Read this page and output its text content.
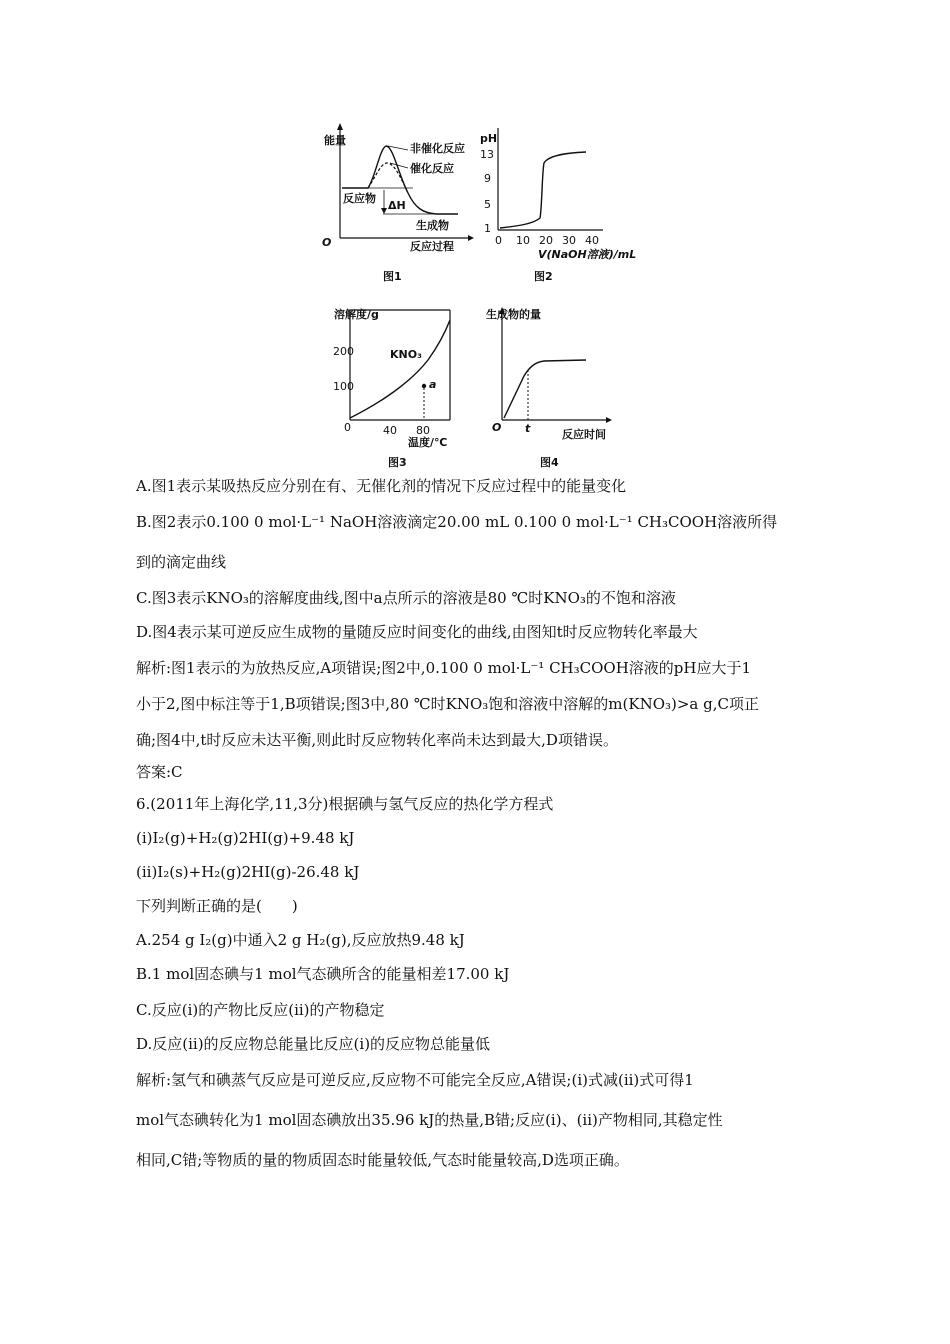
能量
非催化反应
催化反应
反应物
ΔH
生成物
O	反应过程
图1
pH
1
5
9
13
0 10 20 30 40
V(NaOH溶液)/mL
图2
溶解度/g
200
100
0	40 80
KNO₃
a
温度/℃
图3
生成物的量
O t	反应时间
图4
A.图1表示某吸热反应分别在有、无催化剂的情况下反应过程中的能量变化
B.图2表示0.100 0 mol·L⁻¹ NaOH溶液滴定20.00 mL 0.100 0 mol·L⁻¹ CH₃COOH溶液所得
到的滴定曲线
C.图3表示KNO₃的溶解度曲线,图中a点所示的溶液是80 ℃时KNO₃的不饱和溶液
D.图4表示某可逆反应生成物的量随反应时间变化的曲线,由图知t时反应物转化率最大
解析:图1表示的为放热反应,A项错误;图2中,0.100 0 mol·L⁻¹ CH₃COOH溶液的pH应大于1
小于2,图中标注等于1,B项错误;图3中,80 ℃时KNO₃饱和溶液中溶解的m(KNO₃)>a g,C项正
确;图4中,t时反应未达平衡,则此时反应物转化率尚未达到最大,D项错误。
答案:C
6.(2011年上海化学,11,3分)根据碘与氢气反应的热化学方程式
(i)I₂(g)+H₂(g)2HI(g)+9.48 kJ
(ii)I₂(s)+H₂(g)2HI(g)-26.48 kJ
下列判断正确的是(　　)
A.254 g I₂(g)中通入2 g H₂(g),反应放热9.48 kJ
B.1 mol固态碘与1 mol气态碘所含的能量相差17.00 kJ
C.反应(i)的产物比反应(ii)的产物稳定
D.反应(ii)的反应物总能量比反应(i)的反应物总能量低
解析:氢气和碘蒸气反应是可逆反应,反应物不可能完全反应,A错误;(i)式减(ii)式可得1
mol气态碘转化为1 mol固态碘放出35.96 kJ的热量,B错;反应(i)、(ii)产物相同,其稳定性
相同,C错;等物质的量的物质固态时能量较低,气态时能量较高,D选项正确。
